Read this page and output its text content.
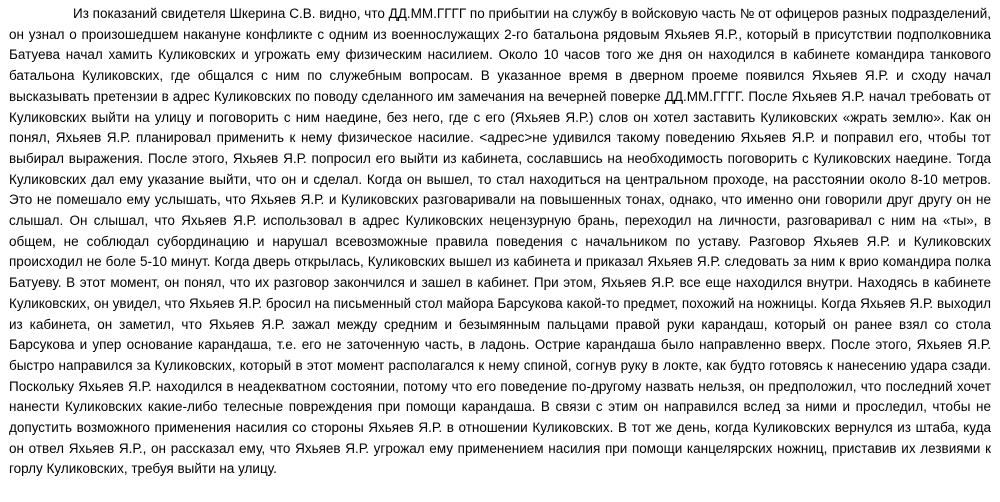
Из показаний свидетеля Шкерина С.В. видно, что ДД.ММ.ГГГГ по прибытии на службу в войсковую часть № от офицеров разных подразделений, он узнал о произошедшем накануне конфликте с одним из военнослужащих 2-го батальона рядовым Яхьяев Я.Р., который в присутствии подполковника Батуева начал хамить Куликовских и угрожать ему физическим насилием. Около 10 часов того же дня он находился в кабинете командира танкового батальона Куликовских, где общался с ним по служебным вопросам. В указанное время в дверном проеме появился Яхьяев Я.Р. и сходу начал высказывать претензии в адрес Куликовских по поводу сделанного им замечания на вечерней поверке ДД.ММ.ГГГГ. После Яхьяев Я.Р. начал требовать от Куликовских выйти на улицу и поговорить с ним наедине, без него, где с его (Яхьяев Я.Р.) слов он хотел заставить Куликовских «жрать землю». Как он понял, Яхьяев Я.Р. планировал применить к нему физическое насилие. <адрес>не удивился такому поведению Яхьяев Я.Р. и поправил его, чтобы тот выбирал выражения. После этого, Яхьяев Я.Р. попросил его выйти из кабинета, сославшись на необходимость поговорить с Куликовских наедине. Тогда Куликовских дал ему указание выйти, что он и сделал. Когда он вышел, то стал находиться на центральном проходе, на расстоянии около 8-10 метров. Это не помешало ему услышать, что Яхьяев Я.Р. и Куликовских разговаривали на повышенных тонах, однако, что именно они говорили друг другу он не слышал. Он слышал, что Яхьяев Я.Р. использовал в адрес Куликовских нецензурную брань, переходил на личности, разговаривал с ним на «ты», в общем, не соблюдал субординацию и нарушал всевозможные правила поведения с начальником по уставу. Разговор Яхьяев Я.Р. и Куликовских происходил не боле 5-10 минут. Когда дверь открылась, Куликовских вышел из кабинета и приказал Яхьяев Я.Р. следовать за ним к врио командира полка Батуеву. В этот момент, он понял, что их разговор закончился и зашел в кабинет. При этом, Яхьяев Я.Р. все еще находился внутри. Находясь в кабинете Куликовских, он увидел, что Яхьяев Я.Р. бросил на письменный стол майора Барсукова какой-то предмет, похожий на ножницы. Когда Яхьяев Я.Р. выходил из кабинета, он заметил, что Яхьяев Я.Р. зажал между средним и безымянным пальцами правой руки карандаш, который он ранее взял со стола Барсукова и упер основание карандаша, т.е. его не заточенную часть, в ладонь. Острие карандаша было направленно вверх. После этого, Яхьяев Я.Р. быстро направился за Куликовских, который в этот момент располагался к нему спиной, согнув руку в локте, как будто готовясь к нанесению удара сзади. Поскольку Яхьяев Я.Р. находился в неадекватном состоянии, потому что его поведение по-другому назвать нельзя, он предположил, что последний хочет нанести Куликовских какие-либо телесные повреждения при помощи карандаша. В связи с этим он направился вслед за ними и проследил, чтобы не допустить возможного применения насилия со стороны Яхьяев Я.Р. в отношении Куликовских. В тот же день, когда Куликовских вернулся из штаба, куда он отвел Яхьяев Я.Р., он рассказал ему, что Яхьяев Я.Р. угрожал ему применением насилия при помощи канцелярских ножниц, приставив их лезвиями к горлу Куликовских, требуя выйти на улицу.
